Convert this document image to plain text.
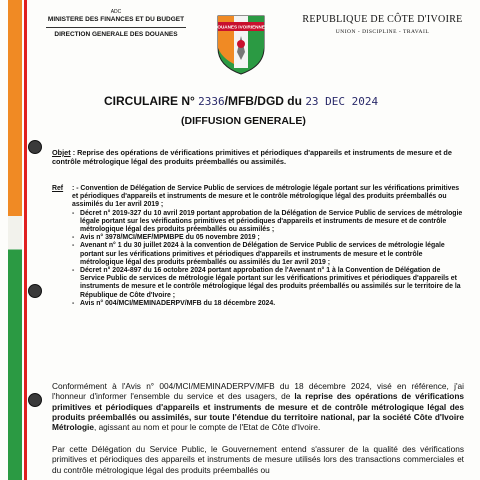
ADC
MINISTERE DES FINANCES ET DU BUDGET
DIRECTION GENERALE DES DOUANES
DOUANES IVOIRIENNES
REPUBLIQUE DE CÔTE D'IVOIRE
UNION - DISCIPLINE - TRAVAIL
CIRCULAIRE N° 2336/MFB/DGD du 23 DEC 2024
(DIFFUSION GENERALE)
Objet : Reprise des opérations de vérifications primitives et périodiques d'appareils et instruments de mesure et de contrôle métrologique légal des produits préemballés ou assimilés.
Ref	: - Convention de Délégation de Service Public de services de métrologie légale portant sur les vérifications primitives et périodiques d'appareils et instruments de mesure et le contrôle métrologique légal des produits préemballés ou assimilés du 1er avril 2019 ;
- Décret n° 2019-327 du 10 avril 2019 portant approbation de la Délégation de Service Public de services de métrologie légale portant sur les vérifications primitives et périodiques d'appareils et instruments de mesure et de contrôle métrologique légal des produits préemballés ou assimilés ;
- Avis n° 3978/MCI/MEF/MPMBPE du 05 novembre 2019 ;
- Avenant n° 1 du 30 juillet 2024 à la convention de Délégation de Service Public de services de métrologie légale portant sur les vérifications primitives et périodiques d'appareils et instruments de mesure et le contrôle métrologique légal des produits préemballés ou assimilés du 1er avril 2019 ;
- Décret n° 2024-897 du 16 octobre 2024 portant approbation de l'Avenant n° 1 à la Convention de Délégation de Service Public de services de métrologie légale portant sur les vérifications primitives et périodiques d'appareils et instruments de mesure et le contrôle métrologique légal des produits préemballés ou assimilés sur le territoire de la République de Côte d'Ivoire ;
- Avis n° 004/MCI/MEMINADERPV/MFB du 18 décembre 2024.

Conformément à l'Avis n° 004/MCI/MEMINADERPV/MFB du 18 décembre 2024, visé en référence, j'ai l'honneur d'informer l'ensemble du service et des usagers, de la reprise des opérations de vérifications primitives et périodiques d'appareils et instruments de mesure et de contrôle métrologique légal des produits préemballés ou assimilés, sur toute l'étendue du territoire national, par la société Côte d'Ivoire Métrologie, agissant au nom et pour le compte de l'Etat de Côte d'Ivoire.

Par cette Délégation du Service Public, le Gouvernement entend s'assurer de la qualité des vérifications primitives et périodiques des appareils et instruments de mesure utilisés lors des transactions commerciales et du contrôle métrologique légal des produits préemballés ou
